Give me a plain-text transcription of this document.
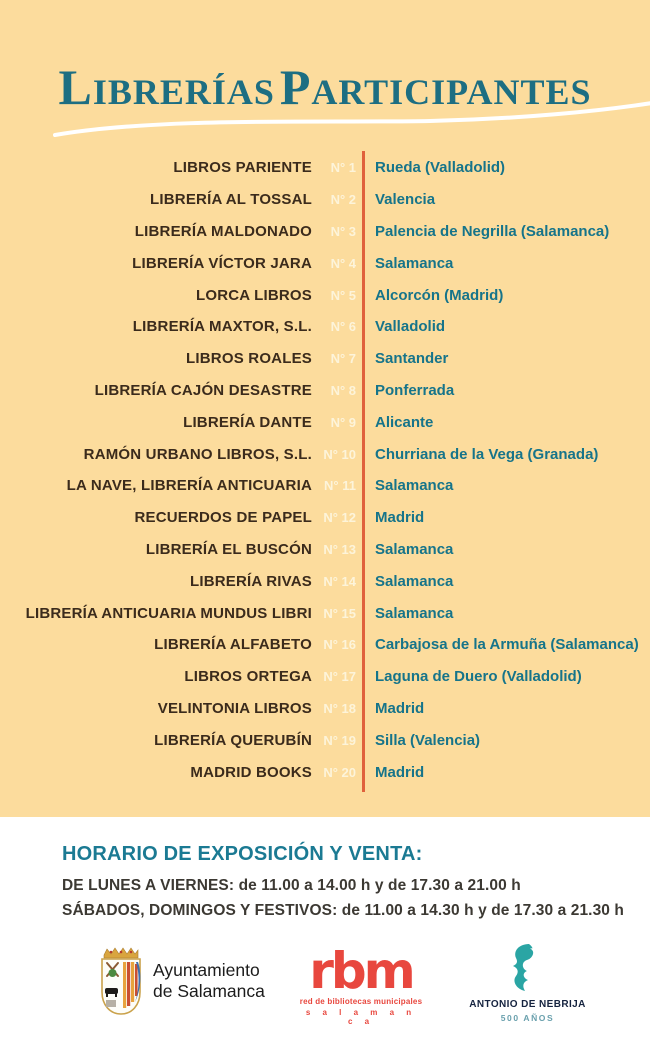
LIBRERÍAS PARTICIPANTES
LIBROS PARIENTE	N° 1 Rueda (Valladolid)
LIBRERÍA AL TOSSAL	N° 2 Valencia
LIBRERÍA MALDONADO	N° 3 Palencia de Negrilla (Salamanca)
LIBRERÍA VÍCTOR JARA	N° 4 Salamanca
LORCA LIBROS	N° 5 Alcorcón (Madrid)
LIBRERÍA MAXTOR, S.L.	N° 6 Valladolid
LIBROS ROALES	N° 7 Santander
LIBRERÍA CAJÓN DESASTRE	N° 8 Ponferrada
LIBRERÍA DANTE	N° 9 Alicante
RAMÓN URBANO LIBROS, S.L. N° 10 Churriana de la Vega (Granada)
LA NAVE, LIBRERÍA ANTICUARIA N° 11 Salamanca
RECUERDOS DE PAPEL N° 12 Madrid
LIBRERÍA EL BUSCÓN N° 13 Salamanca
LIBRERÍA RIVAS N° 14 Salamanca
LIBRERÍA ANTICUARIA MUNDUS LIBRI N° 15 Salamanca
LIBRERÍA ALFABETO N° 16 Carbajosa de la Armuña (Salamanca)
LIBROS ORTEGA N° 17 Laguna de Duero (Valladolid)
VELINTONIA LIBROS N° 18 Madrid
LIBRERÍA QUERUBÍN N° 19 Silla (Valencia)
MADRID BOOKS N° 20 Madrid
HORARIO DE EXPOSICIÓN Y VENTA:
DE LUNES A VIERNES: de 11.00 a 14.00 h y de 17.30 a 21.00 h
SÁBADOS, DOMINGOS Y FESTIVOS: de 11.00 a 14.30 h y de 17.30 a 21.30 h
Ayuntamiento
de Salamanca rbm
red de bibliotecas municipales
s a l a m a n c a
ANTONIO DE NEBRIJA
500 AÑOS
